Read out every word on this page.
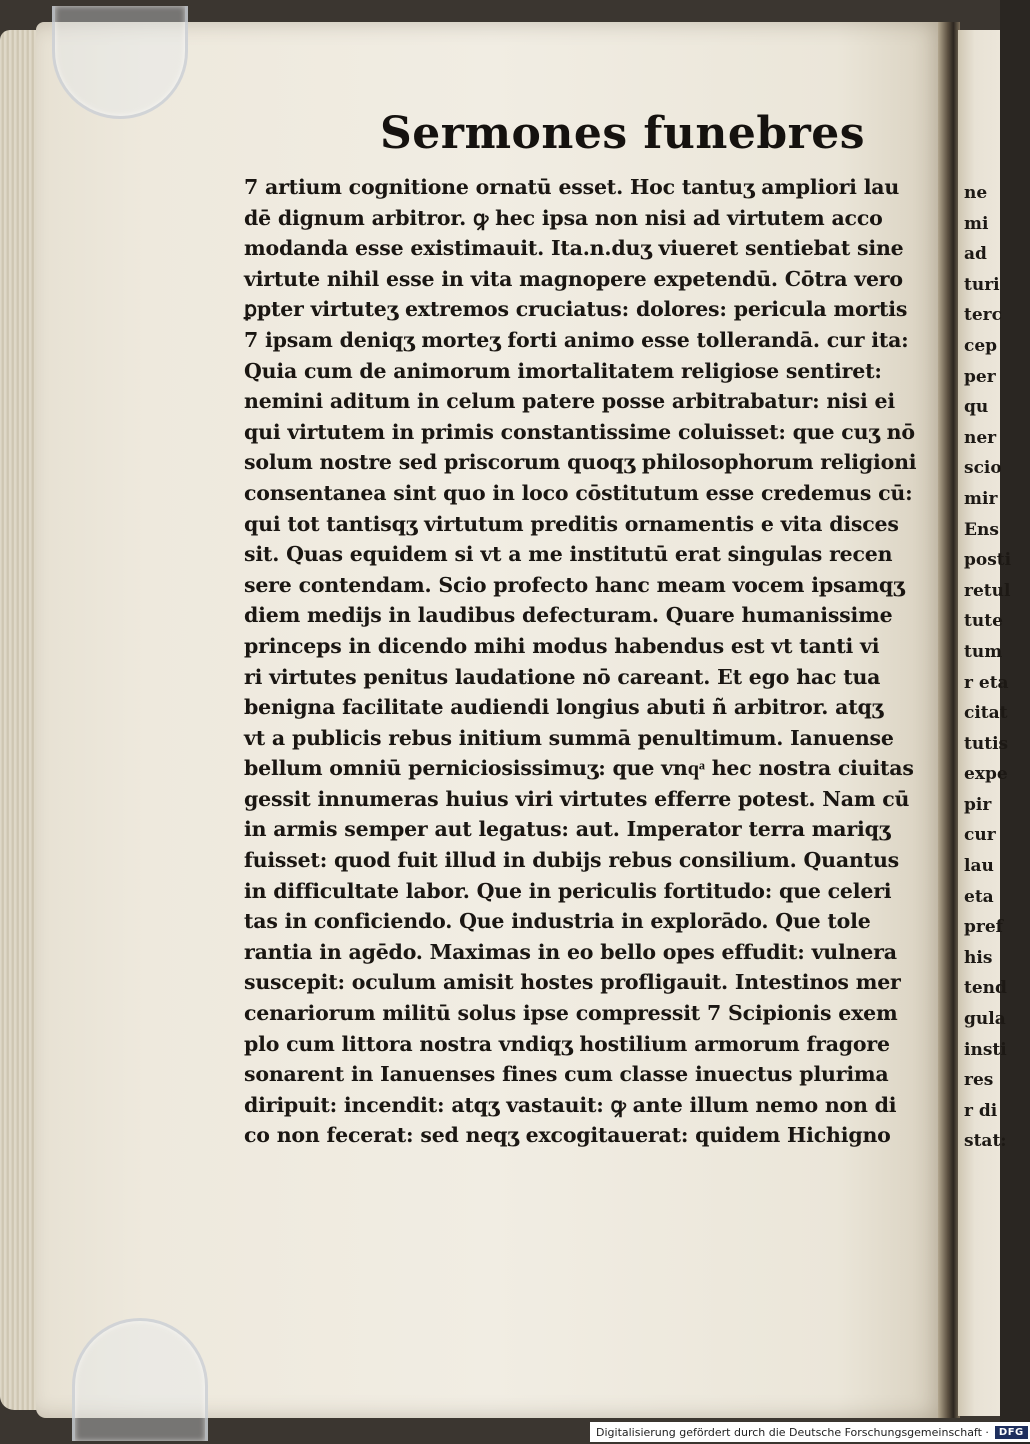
Sermones funebres
7 artium cognitione ornatū esset. Hoc tantuʒ ampliori lau
dē dignum arbitror. ꝙ hec ipsa non nisi ad virtutem acco
modanda esse existimauit. Ita.n.duʒ viueret sentiebat sine
virtute nihil esse in vita magnopere expetendū. Cōtra vero
ꝑpter virtuteʒ extremos cruciatus: dolores: pericula mortis
7 ipsam deniqʒ morteʒ forti animo esse tollerandā. cur ita:
Quia cum de animorum imortalitatem religiose sentiret:
nemini aditum in celum patere posse arbitrabatur: nisi ei
qui virtutem in primis constantissime coluisset: que cuʒ nō
solum nostre sed priscorum quoqʒ philosophorum religioni
consentanea sint quo in loco cōstitutum esse credemus cū:
qui tot tantisqʒ virtutum preditis ornamentis e vita disces
sit. Quas equidem si vt a me institutū erat singulas recen
sere contendam. Scio profecto hanc meam vocem ipsamqʒ
diem medijs in laudibus defecturam. Quare humanissime
princeps in dicendo mihi modus habendus est vt tanti vi
ri virtutes penitus laudatione nō careant. Et ego hac tua
benigna facilitate audiendi longius abuti ñ arbitror. atqʒ
vt a publicis rebus initium summā penultimum. Ianuense
bellum omniū perniciosissimuʒ: que vnqͣ hec nostra ciuitas
gessit innumeras huius viri virtutes efferre potest. Nam cū
in armis semper aut legatus: aut. Imperator terra mariqʒ
fuisset: quod fuit illud in dubijs rebus consilium. Quantus
in difficultate labor. Que in periculis fortitudo: que celeri
tas in conficiendo. Que industria in explorādo. Que tole
rantia in agēdo. Maximas in eo bello opes effudit: vulnera
suscepit: oculum amisit hostes profligauit. Intestinos mer
cenariorum militū solus ipse compressit 7 Scipionis exem
plo cum littora nostra vndiqʒ hostilium armorum fragore
sonarent in Ianuenses fines cum classe inuectus plurima
diripuit: incendit: atqʒ vastauit: ꝙ ante illum nemo non di
co non fecerat: sed neqʒ excogitauerat: quidem Hichigno
ne
mi
ad
turi
terc
cep
per
qu
ner
scio
mir
Ens
posti
retul
tute
tum
r eta
citat
tutis
expe
pir
cur
lau
eta
pref
his
tend
gula
insti
res
r di
stat:
Digitalisierung gefördert durch die Deutsche Forschungsgemeinschaft ·	DFG
